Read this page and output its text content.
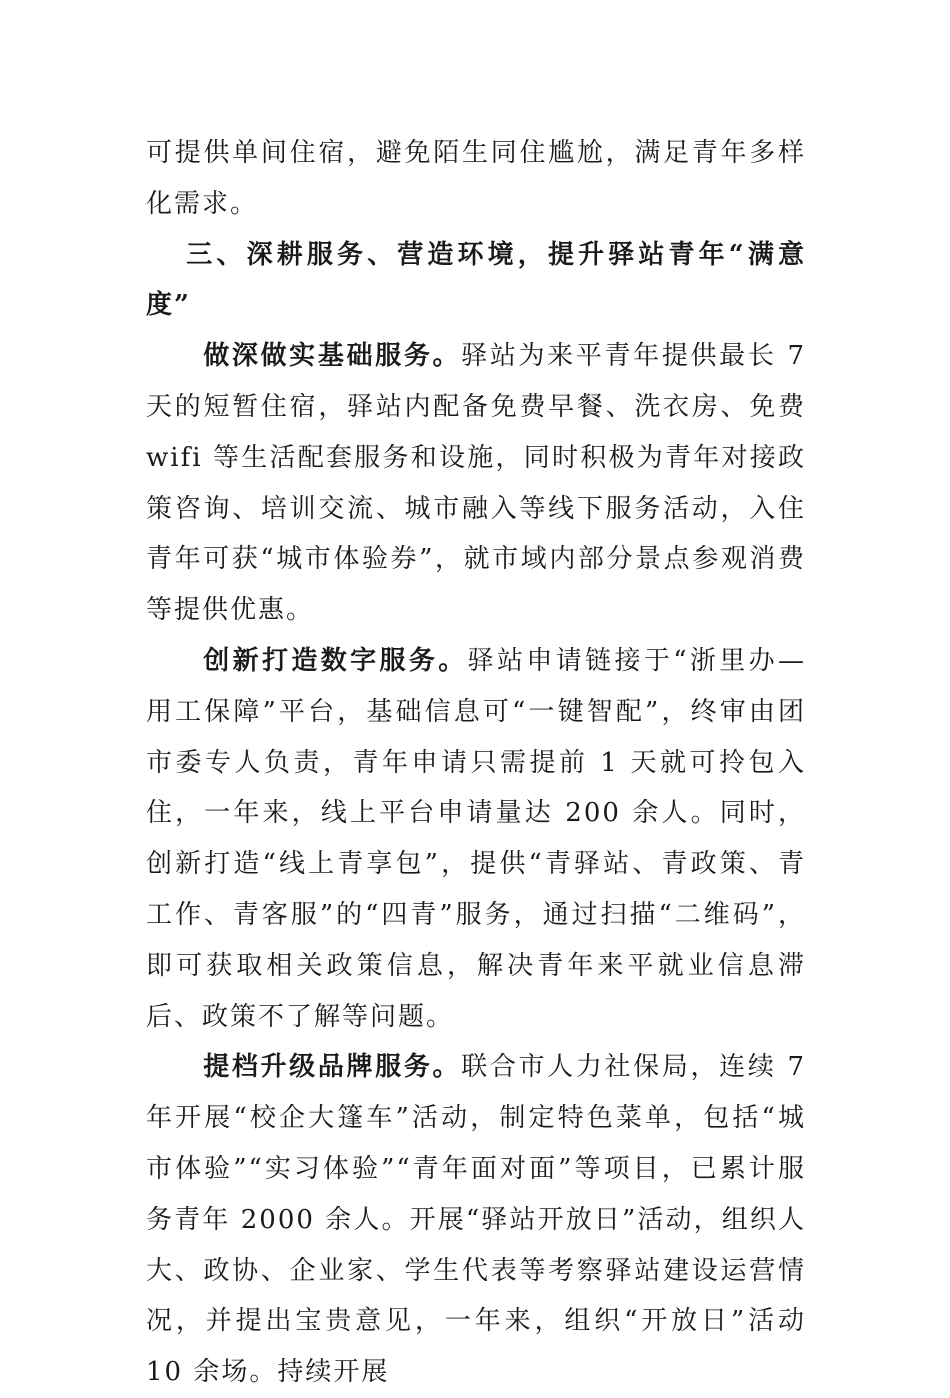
可提供单间住宿，避免陌生同住尴尬，满足青年多样化需求。

三、深耕服务、营造环境，提升驿站青年“满意度”

做深做实基础服务。驿站为来平青年提供最长 7 天的短暂住宿，驿站内配备免费早餐、洗衣房、免费 wifi 等生活配套服务和设施，同时积极为青年对接政策咨询、培训交流、城市融入等线下服务活动，入住青年可获“城市体验券”，就市域内部分景点参观消费等提供优惠。

创新打造数字服务。驿站申请链接于“浙里办—用工保障”平台，基础信息可“一键智配”，终审由团市委专人负责，青年申请只需提前 1 天就可拎包入住，一年来，线上平台申请量达 200 余人。同时，创新打造“线上青享包”，提供“青驿站、青政策、青工作、青客服”的“四青”服务，通过扫描“二维码”，即可获取相关政策信息，解决青年来平就业信息滞后、政策不了解等问题。

提档升级品牌服务。联合市人力社保局，连续 7 年开展“校企大篷车”活动，制定特色菜单，包括“城市体验”“实习体验”“青年面对面”等项目，已累计服务青年 2000 余人。开展“驿站开放日”活动，组织人大、政协、企业家、学生代表等考察驿站建设运营情况，并提出宝贵意见，一年来，组织“开放日”活动 10 余场。持续开展
